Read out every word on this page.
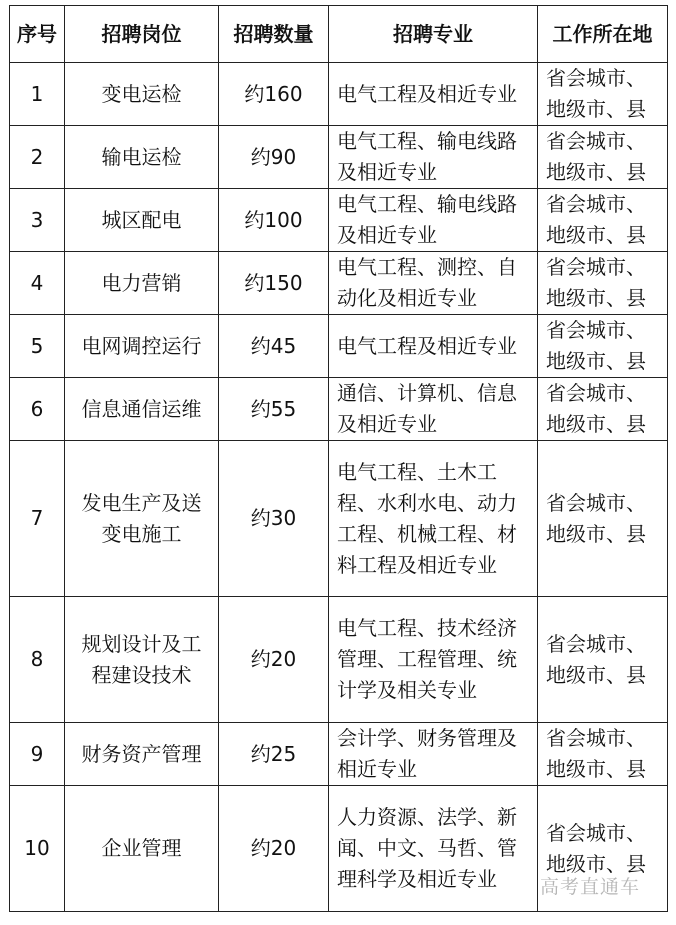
序号	招聘岗位	招聘数量	招聘专业	工作所在地
1	变电运检	约160	电气工程及相近专业	省会城市、地级市、县
2	输电运检	约90	电气工程、输电线路及相近专业	省会城市、地级市、县
3	城区配电	约100	电气工程、输电线路及相近专业	省会城市、地级市、县
4	电力营销	约150	电气工程、测控、自动化及相近专业	省会城市、地级市、县
5	电网调控运行	约45	电气工程及相近专业	省会城市、地级市、县
6	信息通信运维	约55	通信、计算机、信息及相近专业	省会城市、地级市、县
7	发电生产及送变电施工	约30	电气工程、土木工程、水利水电、动力工程、机械工程、材料工程及相近专业	省会城市、地级市、县
8	规划设计及工程建设技术	约20	电气工程、技术经济管理、工程管理、统计学及相关专业	省会城市、地级市、县
9	财务资产管理	约25	会计学、财务管理及相近专业	省会城市、地级市、县
10	企业管理	约20	人力资源、法学、新闻、中文、马哲、管理科学及相近专业	省会城市、地级市、县
高考直通车
